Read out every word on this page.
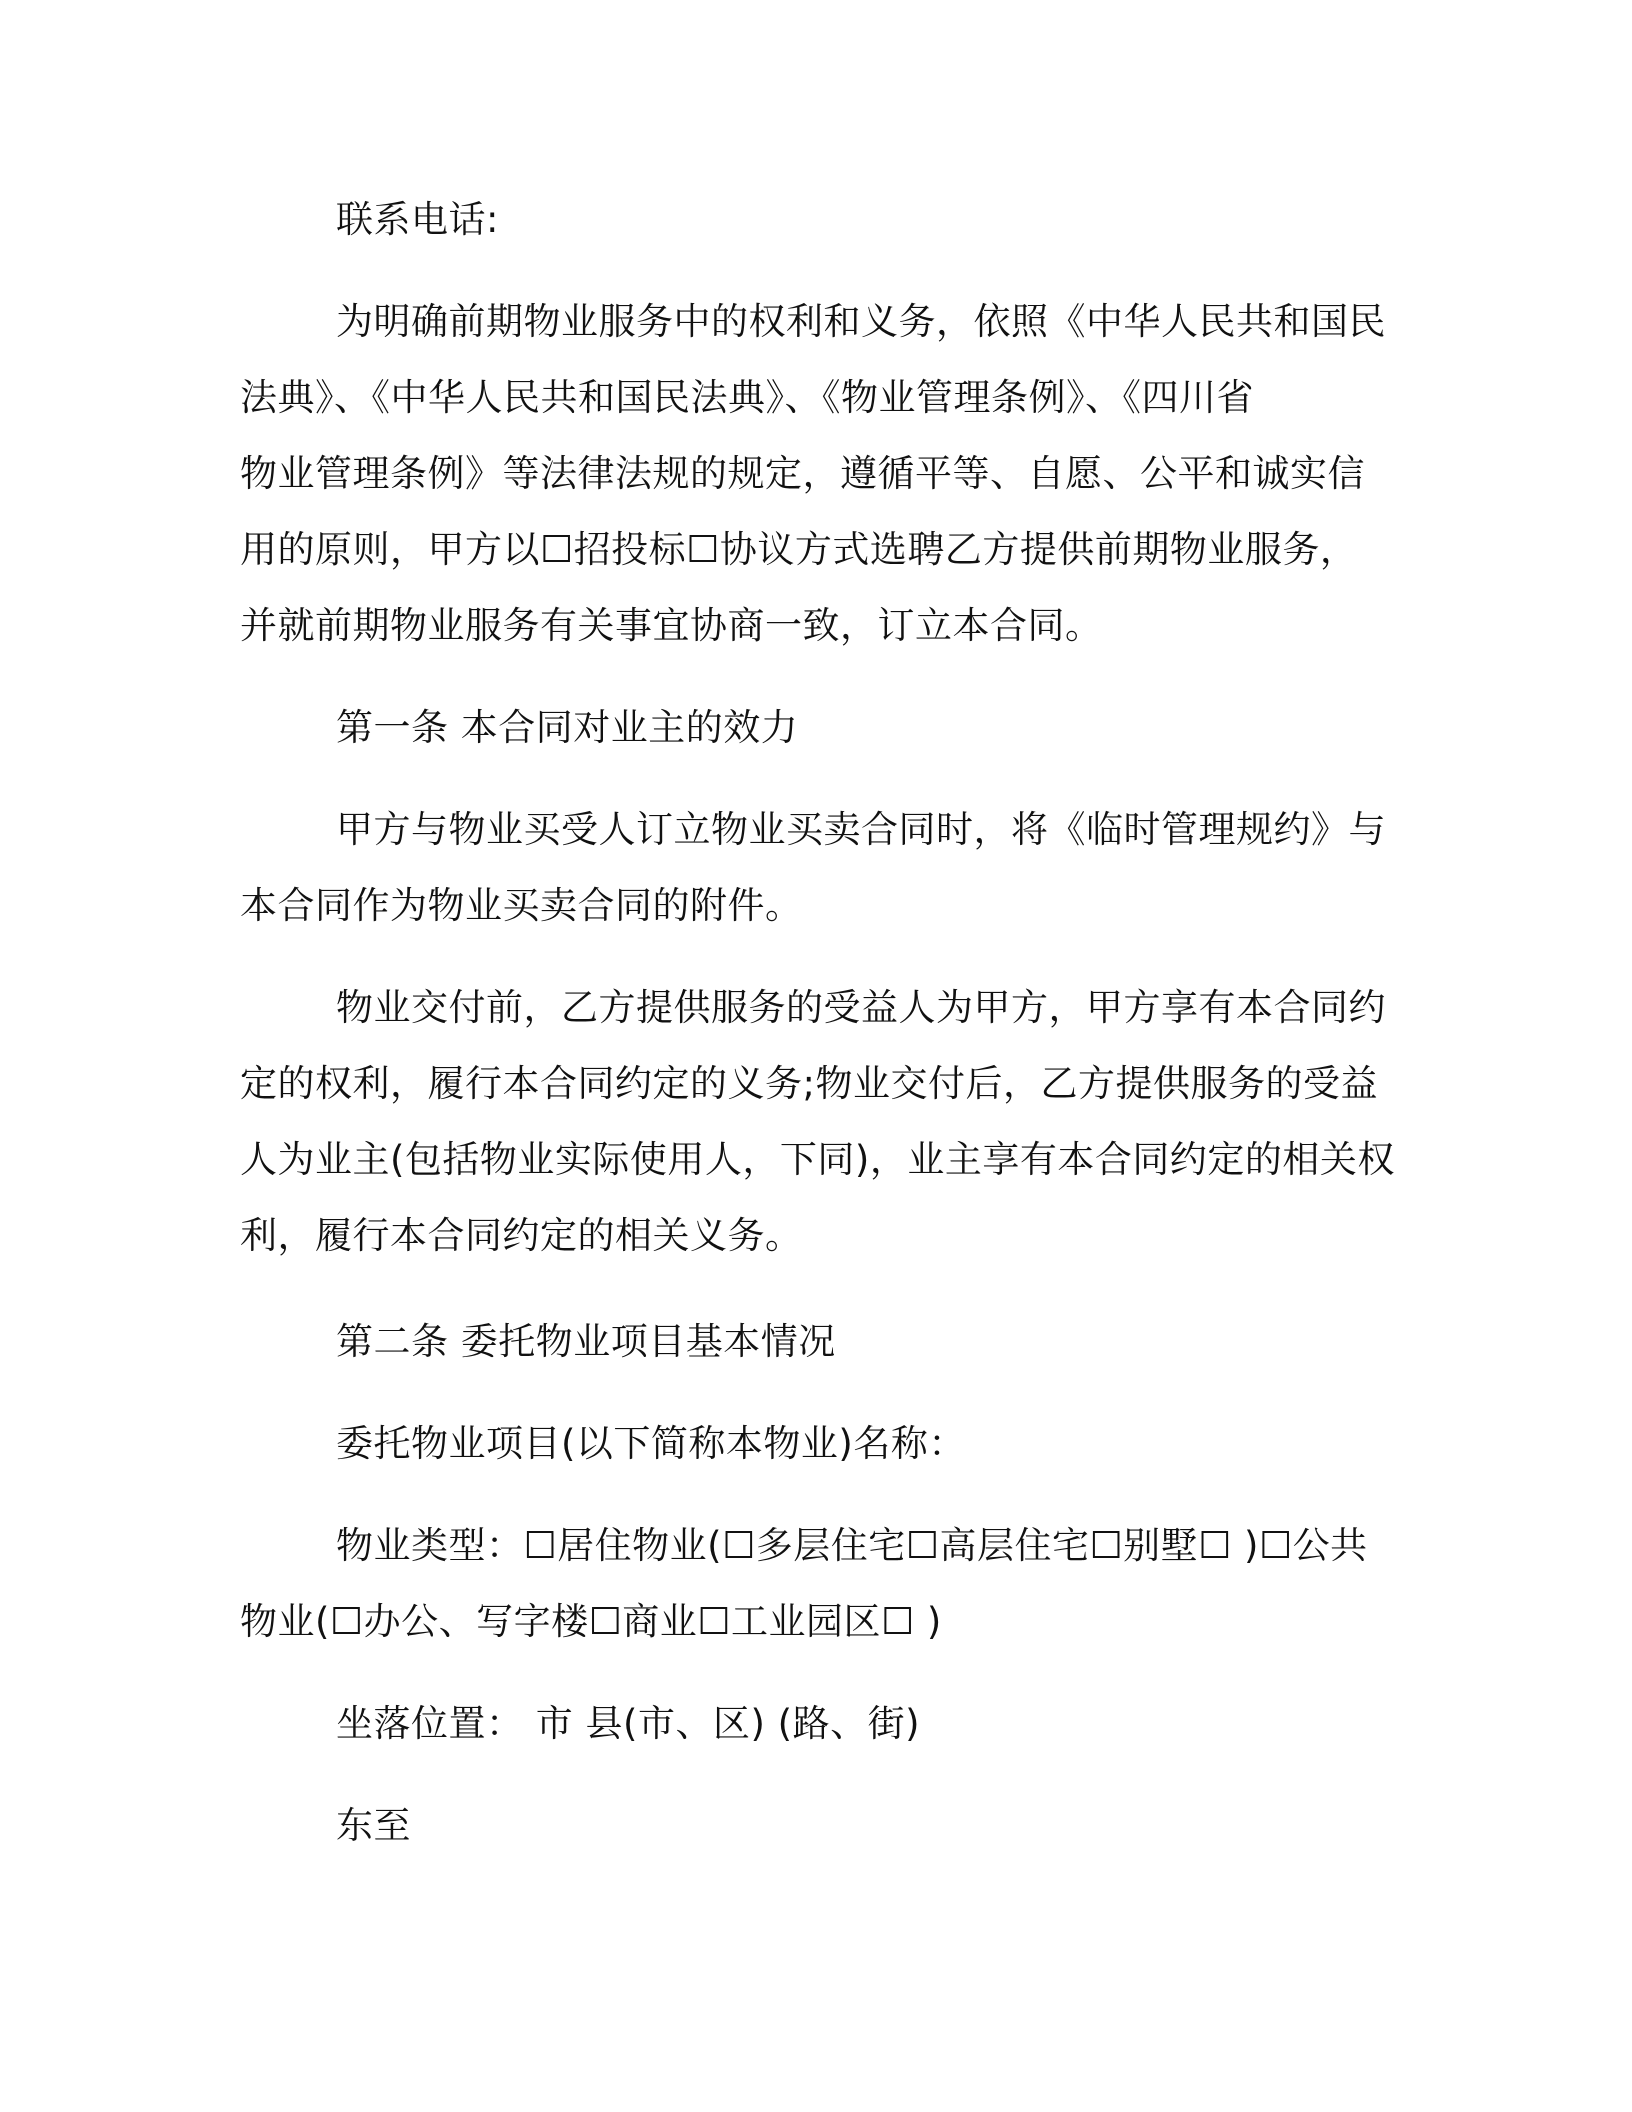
联系电话:
为明确前期物业服务中的权利和义务，依照《中华人民共和国民
法典》、《中华人民共和国民法典》、《物业管理条例》、《四川省
物业管理条例》等法律法规的规定，遵循平等、自愿、公平和诚实信
用的原则，甲方以☐招投标☐协议方式选聘乙方提供前期物业服务，
并就前期物业服务有关事宜协商一致，订立本合同。
第一条 本合同对业主的效力
甲方与物业买受人订立物业买卖合同时，将《临时管理规约》与
本合同作为物业买卖合同的附件。
物业交付前，乙方提供服务的受益人为甲方，甲方享有本合同约
定的权利，履行本合同约定的义务;物业交付后，乙方提供服务的受益
人为业主(包括物业实际使用人，下同)，业主享有本合同约定的相关权
利，履行本合同约定的相关义务。
第二条 委托物业项目基本情况
委托物业项目(以下简称本物业)名称：
物业类型：☐居住物业(☐多层住宅☐高层住宅☐别墅☐ )☐公共
物业(☐办公、写字楼☐商业☐工业园区☐ )
坐落位置： 市 县(市、区) (路、街)
东至
